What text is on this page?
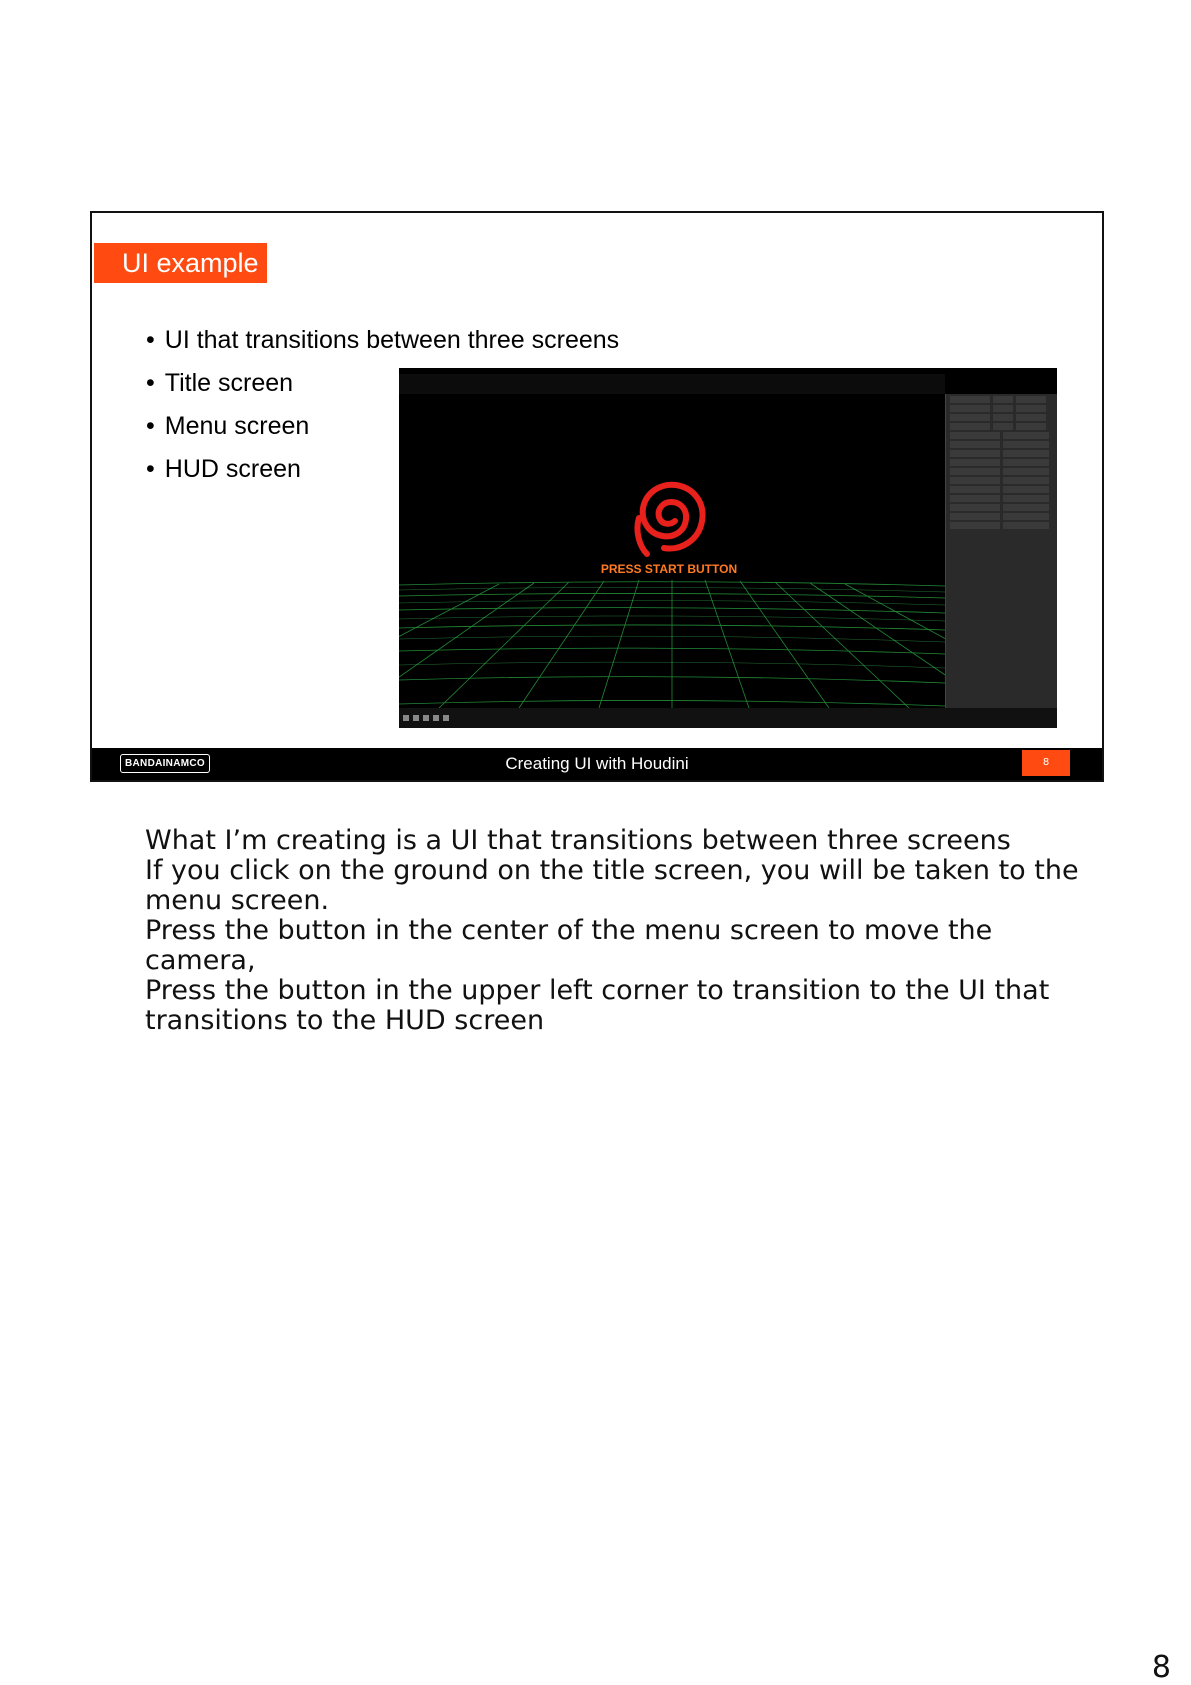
UI example
• UI that transitions between three screens
• Title screen
• Menu screen
• HUD screen
PRESS START BUTTON
BANDAINAMCO	Creating UI with Houdini	8

What I’m creating is a UI that transitions between three screens

If you click on the ground on the title screen, you will be taken to the menu screen.

Press the button in the center of the menu screen to move the camera,

Press the button in the upper left corner to transition to the UI that transitions to the HUD screen

8
